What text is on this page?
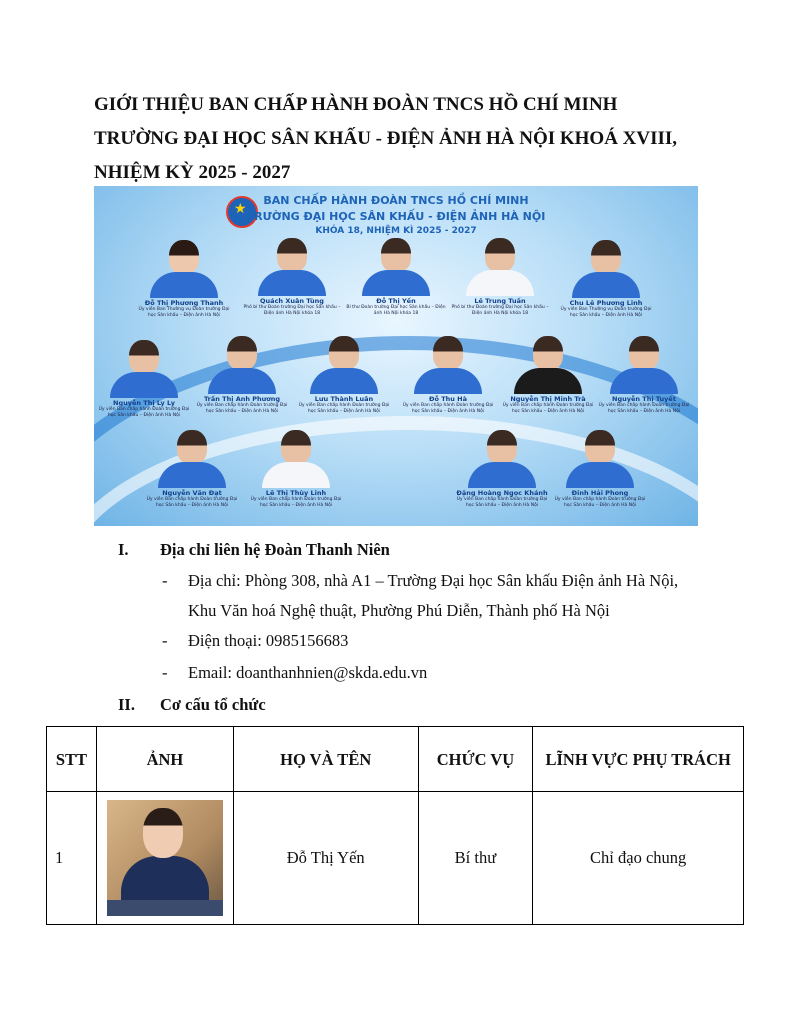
GIỚI THIỆU BAN CHẤP HÀNH ĐOÀN TNCS HỒ CHÍ MINH TRƯỜNG ĐẠI HỌC SÂN KHẤU - ĐIỆN ẢNH HÀ NỘI KHOÁ XVIII, NHIỆM KỲ 2025 - 2027
★
BAN CHẤP HÀNH ĐOÀN TNCS HỒ CHÍ MINH
TRƯỜNG ĐẠI HỌC SÂN KHẤU - ĐIỆN ẢNH HÀ NỘI
KHÓA 18, NHIỆM KÌ 2025 - 2027
Đỗ Thị Phương Thanh
Ủy viên Ban Thường vụ Đoàn trường Đại học Sân khấu – Điện ảnh Hà Nội
Quách Xuân Tùng
Phó bí thư Đoàn trường Đại học Sân khấu – Điện ảnh Hà Nội khóa 18
Đỗ Thị Yến
Bí thư Đoàn trường Đại học Sân khấu – Điện ảnh Hà Nội khóa 18
Lê Trung Tuấn
Phó bí thư Đoàn trường Đại học Sân khấu – Điện ảnh Hà Nội khóa 18
Chu Lê Phương Linh
Ủy viên Ban Thường vụ Đoàn trường Đại học Sân khấu – Điện ảnh Hà Nội
Nguyễn Thị Ly Ly
Ủy viên Ban chấp hành Đoàn trường Đại học Sân khấu – Điện ảnh Hà Nội
Trần Thị Anh Phương
Ủy viên Ban chấp hành Đoàn trường Đại học Sân khấu – Điện ảnh Hà Nội
Lưu Thành Luân
Ủy viên Ban chấp hành Đoàn trường Đại học Sân khấu – Điện ảnh Hà Nội
Đỗ Thu Hà
Ủy viên Ban chấp hành Đoàn trường Đại học Sân khấu – Điện ảnh Hà Nội
Nguyễn Thị Minh Trà
Ủy viên Ban chấp hành Đoàn trường Đại học Sân khấu – Điện ảnh Hà Nội
Nguyễn Thị Tuyết
Ủy viên Ban chấp hành Đoàn trường Đại học Sân khấu – Điện ảnh Hà Nội
Nguyễn Văn Đạt
Ủy viên Ban chấp hành Đoàn trường Đại học Sân khấu – Điện ảnh Hà Nội
Lê Thị Thùy Linh
Ủy viên Ban chấp hành Đoàn trường Đại học Sân khấu – Điện ảnh Hà Nội
Đặng Hoàng Ngọc Khánh
Ủy viên Ban chấp hành Đoàn trường Đại học Sân khấu – Điện ảnh Hà Nội
Đinh Hải Phong
Ủy viên Ban chấp hành Đoàn trường Đại học Sân khấu – Điện ảnh Hà Nội
I. Địa chỉ liên hệ Đoàn Thanh Niên
- Địa chỉ: Phòng 308, nhà A1 – Trường Đại học Sân khấu Điện ảnh Hà Nội, Khu Văn hoá Nghệ thuật, Phường Phú Diễn, Thành phố Hà Nội
- Điện thoại: 0985156683
- Email: doanthanhnien@skda.edu.vn
II. Cơ cấu tổ chức
STT	ẢNH	HỌ VÀ TÊN	CHỨC VỤ	LĨNH VỰC PHỤ TRÁCH
1		Đỗ Thị Yến	Bí thư	Chỉ đạo chung
